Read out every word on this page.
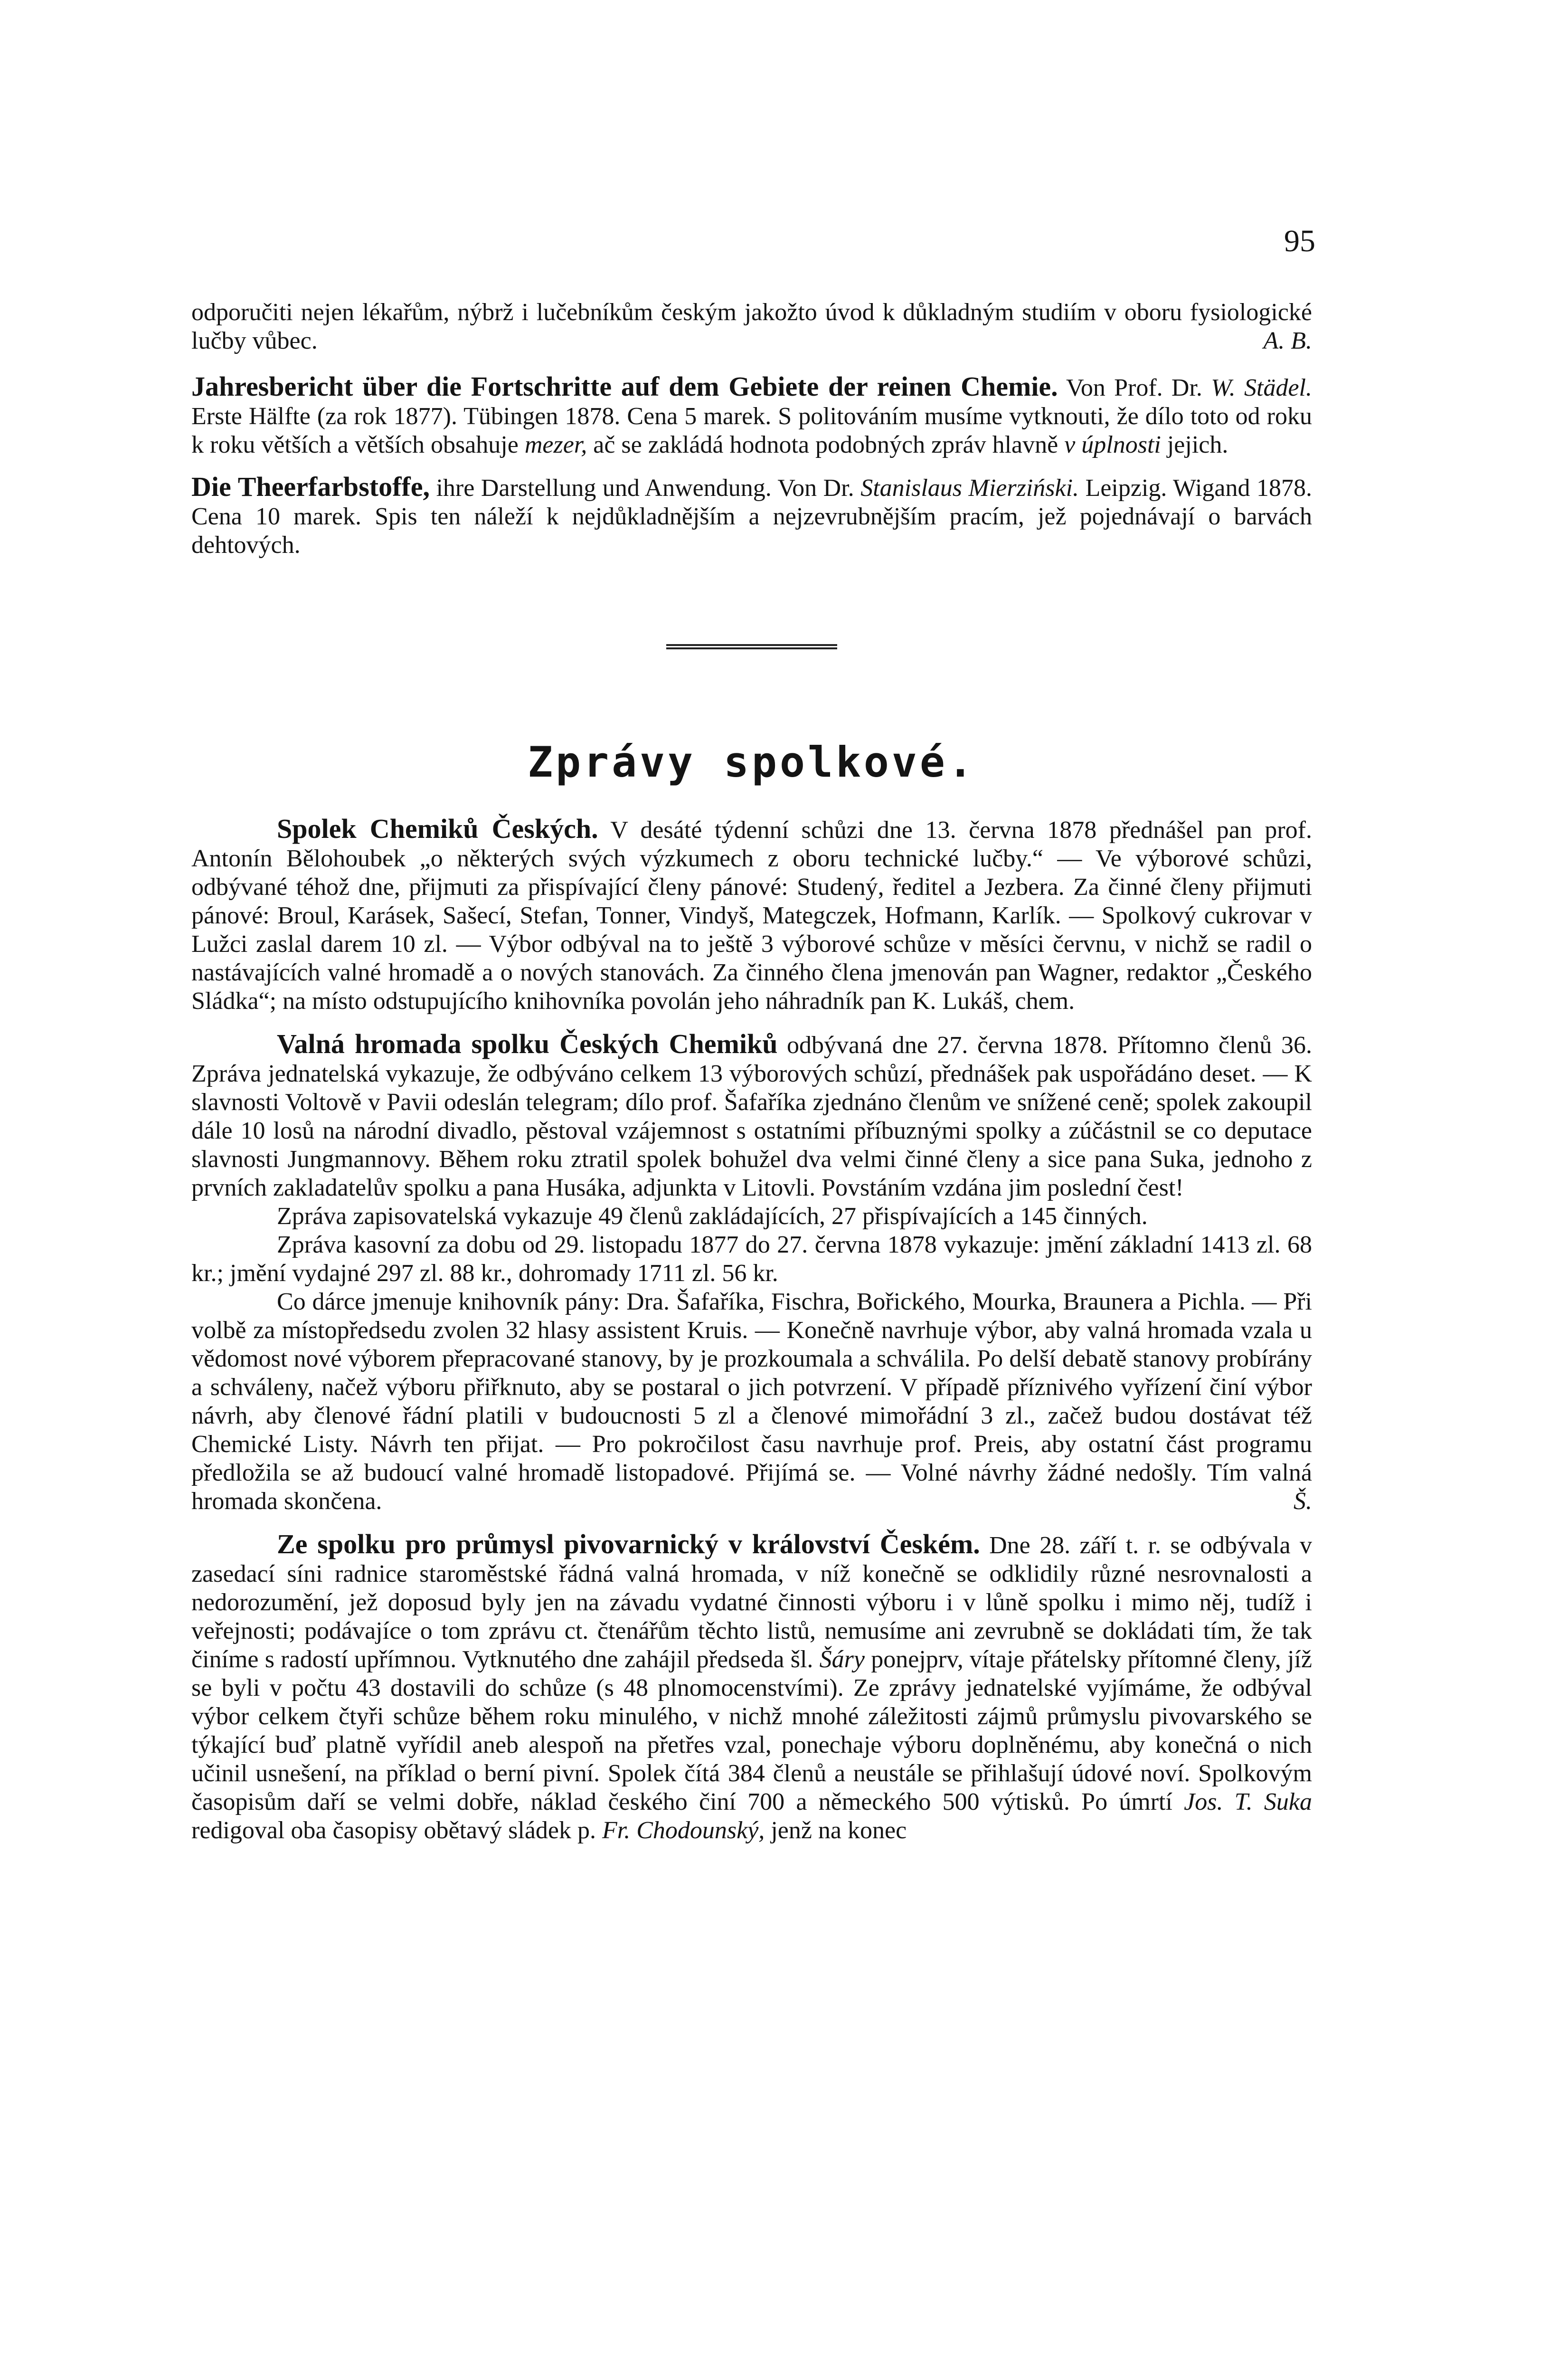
95

odporučiti nejen lékařům, nýbrž i lučebníkům českým jakožto úvod k důkladným studiím v oboru fysiologické lučby vůbec.	A. B.

Jahresbericht über die Fortschritte auf dem Gebiete der reinen Chemie. Von Prof. Dr. W. Städel. Erste Hälfte (za rok 1877). Tübingen 1878. Cena 5 marek. S politováním musíme vytknouti, že dílo toto od roku k roku větších a větších obsahuje mezer, ač se zakládá hodnota podobných zpráv hlavně v úplnosti jejich.

Die Theerfarbstoffe, ihre Darstellung und Anwendung. Von Dr. Stanislaus Mierziński. Leipzig. Wigand 1878. Cena 10 marek. Spis ten náleží k nejdůkladnějším a nejzevrubnějším pracím, jež pojednávají o barvách dehtových.

Zprávy spolkové.

Spolek Chemiků Českých. V desáté týdenní schůzi dne 13. června 1878 přednášel pan prof. Antonín Bělohoubek „o některých svých výzkumech z oboru technické lučby.“ — Ve výborové schůzi, odbývané téhož dne, přijmuti za přispívající členy pánové: Studený, ředitel a Jezbera. Za činné členy přijmuti pánové: Broul, Karásek, Sašecí, Stefan, Tonner, Vindyš, Mategczek, Hofmann, Karlík. — Spolkový cukrovar v Lužci zaslal darem 10 zl. — Výbor odbýval na to ještě 3 výborové schůze v měsíci červnu, v nichž se radil o nastávajících valné hromadě a o nových stanovách. Za činného člena jmenován pan Wagner, redaktor „Českého Sládka“; na místo odstupujícího knihovníka povolán jeho náhradník pan K. Lukáš, chem.

Valná hromada spolku Českých Chemiků odbývaná dne 27. června 1878. Přítomno členů 36. Zpráva jednatelská vykazuje, že odbýváno celkem 13 výborových schůzí, přednášek pak uspořádáno deset. — K slavnosti Voltově v Pavii odeslán telegram; dílo prof. Šafaříka zjednáno členům ve snížené ceně; spolek zakoupil dále 10 losů na národní divadlo, pěstoval vzájemnost s ostatními příbuznými spolky a zúčástnil se co deputace slavnosti Jungmannovy. Během roku ztratil spolek bohužel dva velmi činné členy a sice pana Suka, jednoho z prvních zakladatelův spolku a pana Husáka, adjunkta v Litovli. Povstáním vzdána jim poslední čest!

Zpráva zapisovatelská vykazuje 49 členů zakládajících, 27 přispívajících a 145 činných.

Zpráva kasovní za dobu od 29. listopadu 1877 do 27. června 1878 vykazuje: jmění základní 1413 zl. 68 kr.; jmění vydajné 297 zl. 88 kr., dohromady 1711 zl. 56 kr.

Co dárce jmenuje knihovník pány: Dra. Šafaříka, Fischra, Bořického, Mourka, Braunera a Pichla. — Při volbě za místopředsedu zvolen 32 hlasy assistent Kruis. — Konečně navrhuje výbor, aby valná hromada vzala u vědomost nové výborem přepracované stanovy, by je prozkoumala a schválila. Po delší debatě stanovy probírány a schváleny, načež výboru přiřknuto, aby se postaral o jich potvrzení. V případě příznivého vyřízení činí výbor návrh, aby členové řádní platili v budoucnosti 5 zl a členové mimořádní 3 zl., začež budou dostávat též Chemické Listy. Návrh ten přijat. — Pro pokročilost času navrhuje prof. Preis, aby ostatní část programu předložila se až budoucí valné hromadě listopadové. Přijímá se. — Volné návrhy žádné nedošly. Tím valná hromada skončena.	Š.

Ze spolku pro průmysl pivovarnický v království Českém. Dne 28. září t. r. se odbývala v zasedací síni radnice staroměstské řádná valná hromada, v níž konečně se odklidily různé nesrovnalosti a nedorozumění, jež doposud byly jen na závadu vydatné činnosti výboru i v lůně spolku i mimo něj, tudíž i veřejnosti; podávajíce o tom zprávu ct. čtenářům těchto listů, nemusíme ani zevrubně se dokládati tím, že tak činíme s radostí upřímnou. Vytknutého dne zahájil předseda šl. Šáry ponejprv, vítaje přátelsky přítomné členy, jíž se byli v počtu 43 dostavili do schůze (s 48 plnomocenstvími). Ze zprávy jednatelské vyjímáme, že odbýval výbor celkem čtyři schůze během roku minulého, v nichž mnohé záležitosti zájmů průmyslu pivovarského se týkající buď platně vyřídil aneb alespoň na přetřes vzal, ponechaje výboru doplněnému, aby konečná o nich učinil usnešení, na příklad o berní pivní. Spolek čítá 384 členů a neustále se přihlašují údové noví. Spolkovým časopisům daří se velmi dobře, náklad českého činí 700 a německého 500 výtisků. Po úmrtí Jos. T. Suka redigoval oba časopisy obětavý sládek p. Fr. Chodounský, jenž na konec
